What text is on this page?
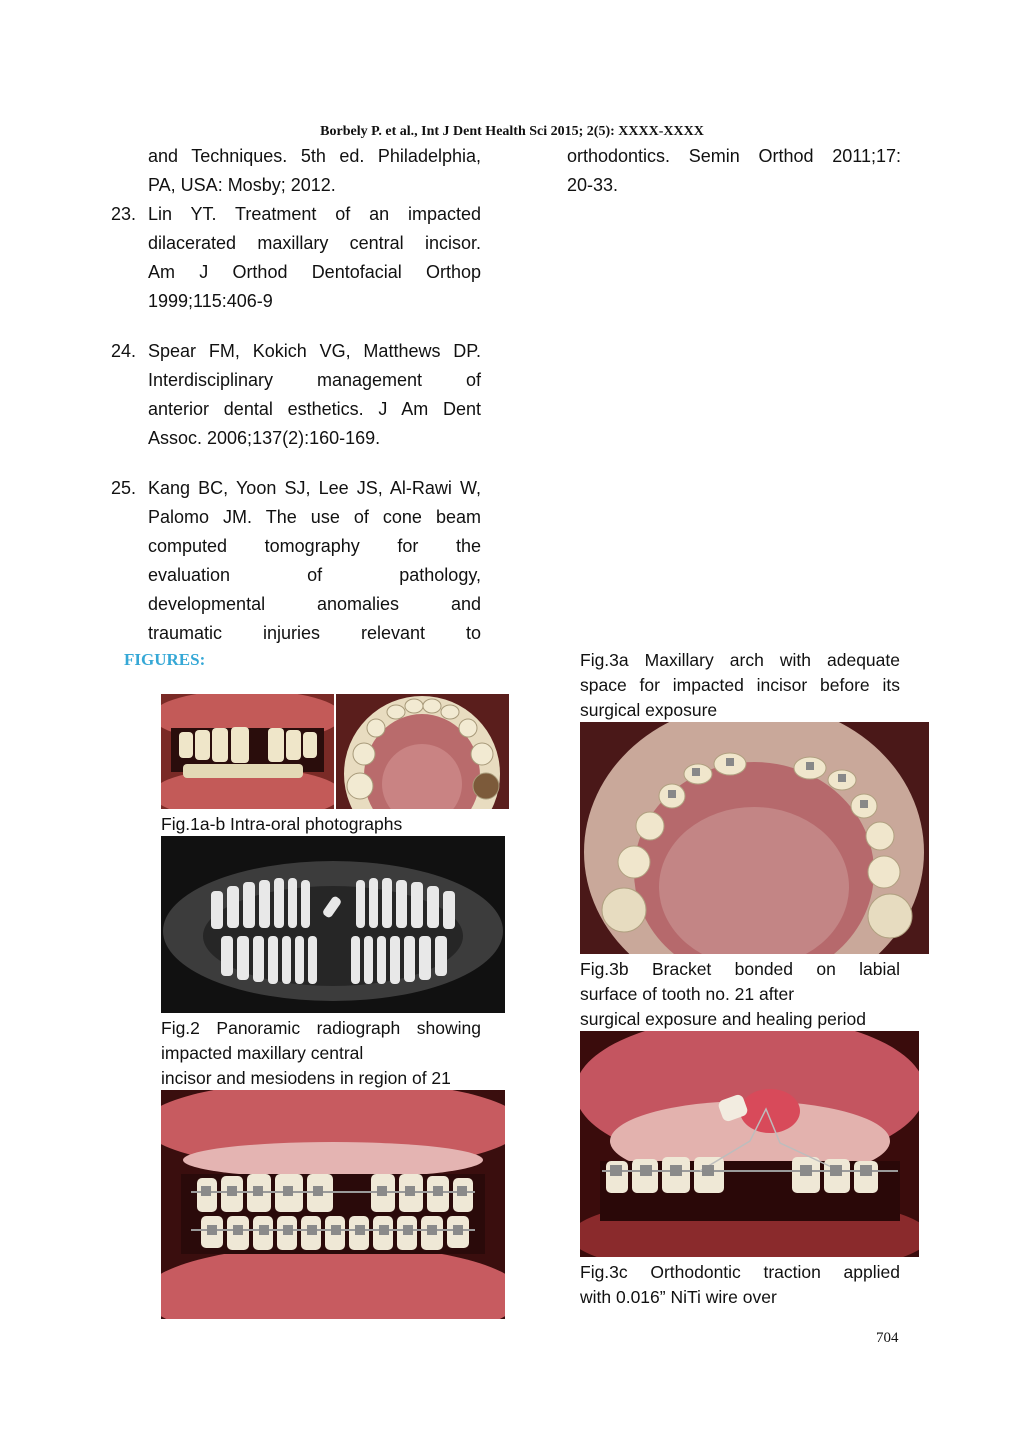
Borbely P. et al., Int J Dent Health Sci 2015; 2(5): XXXX-XXXX
and Techniques. 5th ed. Philadelphia,
PA, USA: Mosby; 2012.
23. Lin YT. Treatment of an impacted
dilacerated maxillary central incisor.
Am J Orthod Dentofacial Orthop
1999;115:406-9
24. Spear FM, Kokich VG, Matthews DP.
Interdisciplinary management of
anterior dental esthetics. J Am Dent
Assoc. 2006;137(2):160-169.
25. Kang BC, Yoon SJ, Lee JS, Al-Rawi W,
Palomo JM. The use of cone beam
computed tomography for the
evaluation of pathology,
developmental anomalies and
traumatic injuries relevant to
orthodontics. Semin Orthod 2011;17:
20-33.
FIGURES:
Fig.1a-b Intra-oral photographs
Fig.2 Panoramic radiograph showing
impacted maxillary central
incisor and mesiodens in region of 21
Fig.3a Maxillary arch with adequate
space for impacted incisor before its
surgical exposure
Fig.3b Bracket bonded on labial
surface of tooth no. 21 after
surgical exposure and healing period
Fig.3c Orthodontic traction applied
with 0.016” NiTi wire over
704
